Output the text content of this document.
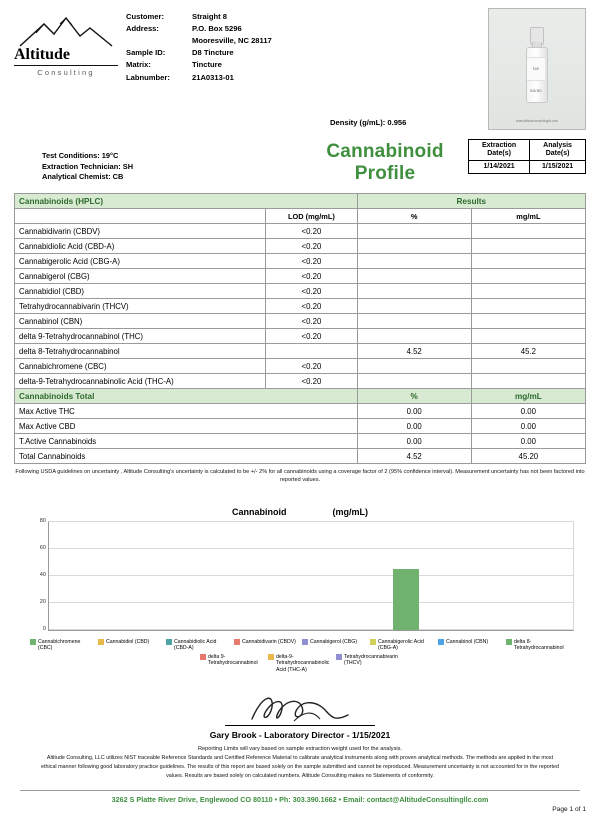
Altitude
Consulting
Customer:	Straight 8
Address:	P.O. Box 5296
	Mooresville, NC 28117
Sample ID:	D8 Tincture
Matrix:	Tincture
Labnumber:	21A0313-01
D8 50/50
www.altitudeconsultingllc.com
Density (g/mL): 0.956
Test Conditions: 19°C
Extraction Technician: SH
Analytical Chemist: CB
Cannabinoid Profile
Extraction Date(s)	Analysis Date(s)
1/14/2021	1/15/2021
Cannabinoids (HPLC)		Results	
	LOD (mg/mL)	%	mg/mL
Cannabidivarin (CBDV)	<0.20		
Cannabidiolic Acid (CBD-A)	<0.20		
Cannabigerolic Acid (CBG-A)	<0.20		
Cannabigerol (CBG)	<0.20		
Cannabidiol (CBD)	<0.20		
Tetrahydrocannabivarin (THCV)	<0.20		
Cannabinol (CBN)	<0.20		
delta 9-Tetrahydrocannabinol (THC)	<0.20		
delta 8-Tetrahydrocannabinol		4.52	45.2
Cannabichromene (CBC)	<0.20		
delta-9-Tetrahydrocannabinolic Acid (THC-A)	<0.20		
Cannabinoids Total		%	mg/mL
Max Active THC		0.00	0.00
Max Active CBD		0.00	0.00
T.Active Cannabinoids		0.00	0.00
Total Cannabinoids		4.52	45.20
Following USDA guidelines on uncertainty , Altitude Consulting's uncertainty is calculated to be +/- 2% for all cannabinoids using a coverage factor of 2 (95% confidence interval). Measurement uncertainty has not been factored into reported values.
Cannabinoid	(mg/mL)
0
20
40
60
80
Cannabichromene (CBC)
Cannabidiol (CBD)	Cannabidiolic Acid (CBD-A)
Cannabidivarin (CBDV)	Cannabigerol (CBG)	Cannabigerolic Acid (CBG-A)
Cannabinol (CBN)	delta 8-Tetrahydrocannabinol
delta 9-Tetrahydrocannabinol
delta-9-Tetrahydrocannabinolic Acid (THC-A)
Tetrahydrocannabivarin (THCV)
Gary Brook - Laboratory Director - 1/15/2021
Reporting Limits will vary based on sample extraction weight used for the analysis.
Altitude Consulting, LLC utilizes NIST traceable Reference Standards and Certified Reference Material to calibrate analytical instruments along with proven analytical methods. The methods are applied in the most ethical manner following good laboratory practice guidelines. The results of this report are based solely on the sample submitted and cannot be reproduced. Measurement uncertainty is not accounted for in the reported values. Results are based solely on calculated numbers. Altitude Consulting makes no Statements of conformity.
3262 S Platte River Drive, Englewood CO 80110 • Ph: 303.390.1662 • Email: contact@AltitudeConsultingllc.com
Page 1 of 1
